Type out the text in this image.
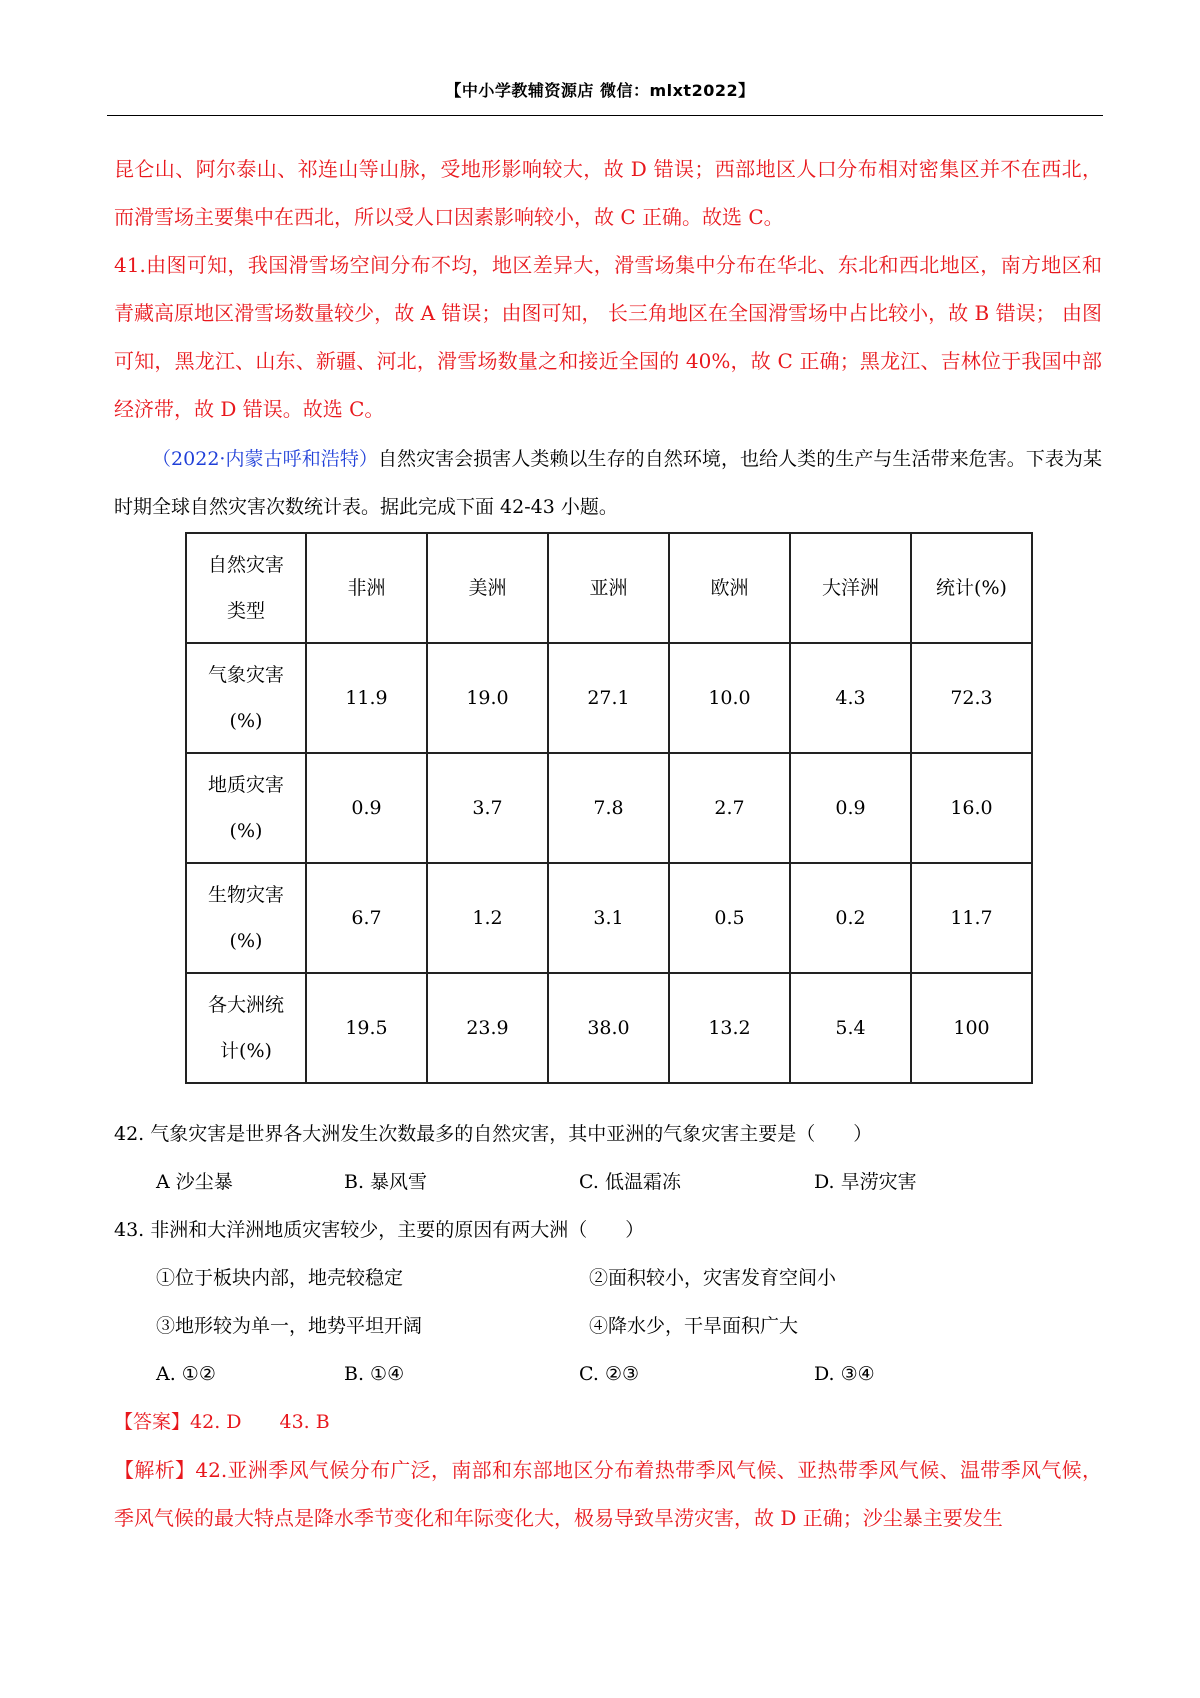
【中小学教辅资源店 微信：mlxt2022】

昆仑山、阿尔泰山、祁连山等山脉，受地形影响较大，故 D 错误；西部地区人口分布相对密集区并不在西北，而滑雪场主要集中在西北，所以受人口因素影响较小，故 C 正确。故选 C。

41.由图可知，我国滑雪场空间分布不均，地区差异大，滑雪场集中分布在华北、东北和西北地区，南方地区和青藏高原地区滑雪场数量较少，故 A 错误；由图可知， 长三角地区在全国滑雪场中占比较小，故 B 错误； 由图可知，黑龙江、山东、新疆、河北，滑雪场数量之和接近全国的 40%，故 C 正确；黑龙江、吉林位于我国中部经济带，故 D 错误。故选 C。

（2022·内蒙古呼和浩特）自然灾害会损害人类赖以生存的自然环境，也给人类的生产与生活带来危害。下表为某时期全球自然灾害次数统计表。据此完成下面 42-43 小题。

自然灾害
类型	非洲	美洲	亚洲	欧洲	大洋洲	统计(%)
气象灾害
(%)	11.9	19.0	27.1	10.0	4.3	72.3
地质灾害
(%)	0.9	3.7	7.8	2.7	0.9	16.0
生物灾害
(%)	6.7	1.2	3.1	0.5	0.2	11.7
各大洲统
计(%)	19.5	23.9	38.0	13.2	5.4	100
42. 气象灾害是世界各大洲发生次数最多的自然灾害，其中亚洲的气象灾害主要是（　　）
A 沙尘暴	B. 暴风雪	C. 低温霜冻	D. 旱涝灾害
43. 非洲和大洋洲地质灾害较少，主要的原因有两大洲（　　）
①位于板块内部，地壳较稳定	②面积较小，灾害发育空间小
③地形较为单一，地势平坦开阔	④降水少，干旱面积广大
A. ①②	B. ①④	C. ②③	D. ③④
【答案】42. D　　43. B

【解析】42.亚洲季风气候分布广泛，南部和东部地区分布着热带季风气候、亚热带季风气候、温带季风气候，季风气候的最大特点是降水季节变化和年际变化大，极易导致旱涝灾害，故 D 正确；沙尘暴主要发生
